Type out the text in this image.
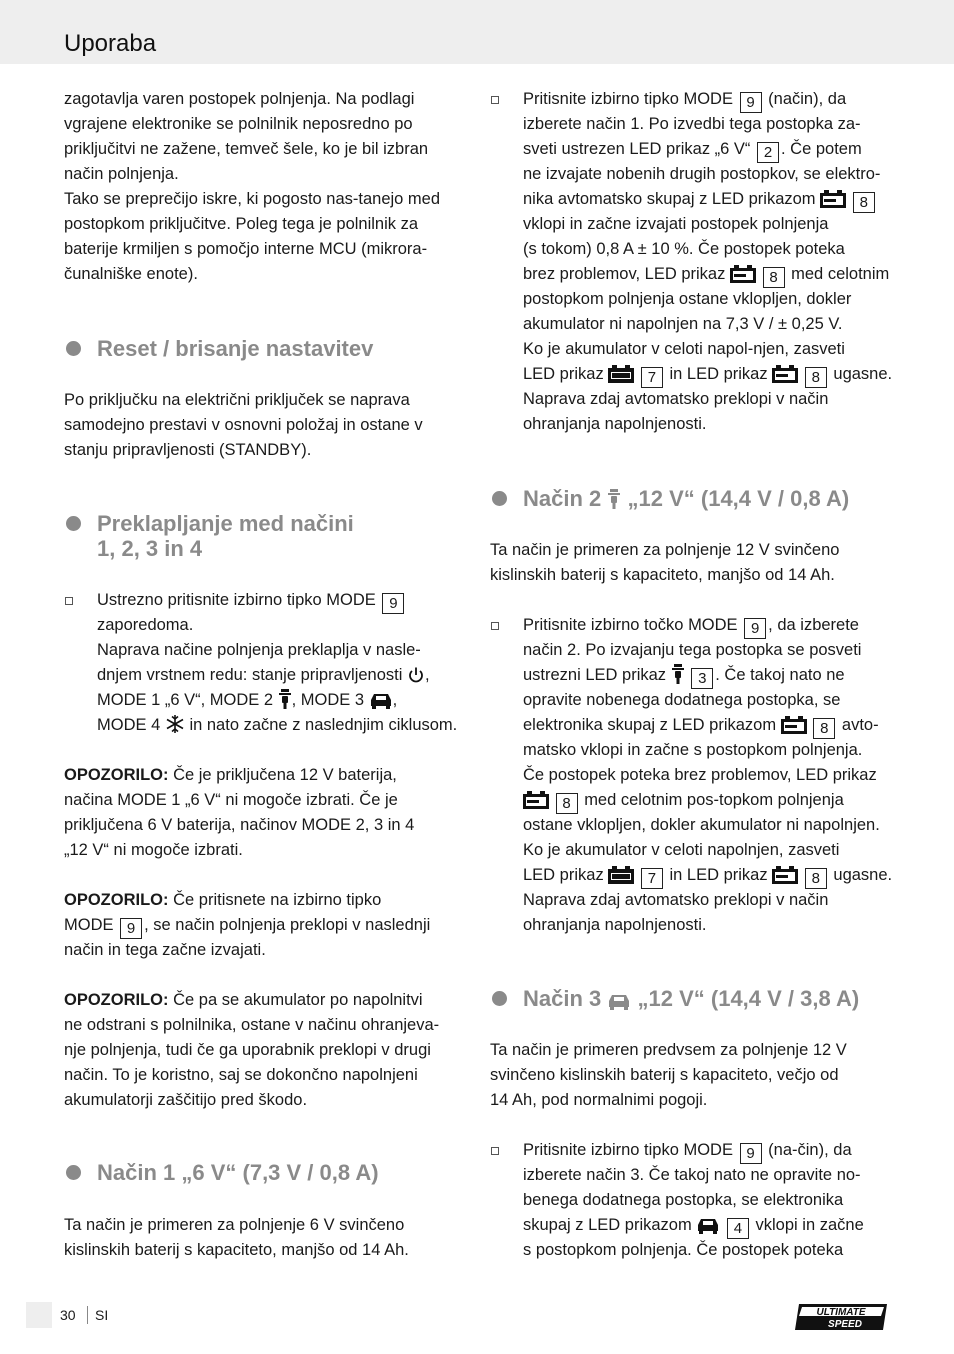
Uporaba
zagotavlja varen postopek polnjenja. Na podlagi
vgrajene elektronike se polnilnik neposredno po
priključitvi ne zažene, temveč šele, ko je bil izbran
način polnjenja.
Tako se preprečijo iskre, ki pogosto nas-tanejo med
postopkom priključitve. Poleg tega je polnilnik za
baterije krmiljen s pomočjo interne MCU (mikrora-
čunalniške enote).
Reset / brisanje nastavitev
Po priključku na električni priključek se naprava
samodejno prestavi v osnovni položaj in ostane v
stanju pripravljenosti (STANDBY).
Preklapljanje med načini
1, 2, 3 in 4
Ustrezno pritisnite izbirno tipko MODE 9
zaporedoma.
Naprava načine polnjenja preklaplja v nasle-
dnjem vrstnem redu: stanje pripravljenosti ,
MODE 1 „6 V“, MODE 2 , MODE 3 ,
MODE 4 in nato začne z naslednjim ciklusom.
OPOZORILO: Če je priključena 12 V baterija,
načina MODE 1 „6 V“ ni mogoče izbrati. Če je
priključena 6 V baterija, načinov MODE 2, 3 in 4
„12 V“ ni mogoče izbrati.
OPOZORILO: Če pritisnete na izbirno tipko
MODE 9 , se način polnjenja preklopi v naslednji
način in tega začne izvajati.
OPOZORILO: Če pa se akumulator po napolnitvi
ne odstrani s polnilnika, ostane v načinu ohranjeva-
nje polnjenja, tudi če ga uporabnik preklopi v drugi
način. To je koristno, saj se dokončno napolnjeni
akumulatorji zaščitijo pred škodo.
Način 1 „6 V“ (7,3 V / 0,8 A)
Ta način je primeren za polnjenje 6 V svinčeno
kislinskih baterij s kapaciteto, manjšo od 14 Ah.
Pritisnite izbirno tipko MODE 9 (način), da
izberete način 1. Po izvedbi tega postopka za-
sveti ustrezen LED prikaz „6 V“ 2 . Če potem
ne izvajate nobenih drugih postopkov, se elektro-
nika avtomatsko skupaj z LED prikazom	8
vklopi in začne izvajati postopek polnjenja
(s tokom) 0,8 A ± 10 %. Če postopek poteka
brez problemov, LED prikaz	8 med celotnim
postopkom polnjenja ostane vklopljen, dokler
akumulator ni napolnjen na 7,3 V / ± 0,25 V.
Ko je akumulator v celoti napol-njen, zasveti
LED prikaz	7 in LED prikaz	8 ugasne.
Naprava zdaj avtomatsko preklopi v način
ohranjanja napolnjenosti.
Način 2 „12 V“ (14,4 V / 0,8 A)
Ta način je primeren za polnjenje 12 V svinčeno
kislinskih baterij s kapaciteto, manjšo od 14 Ah.
Pritisnite izbirno točko MODE 9 , da izberete
način 2. Po izvajanju tega postopka se posveti
ustrezni LED prikaz 3 . Če takoj nato ne
opravite nobenega dodatnega postopka, se
elektronika skupaj z LED prikazom	8 avto-
matsko vklopi in začne s postopkom polnjenja.
Če postopek poteka brez problemov, LED prikaz
8 med celotnim pos-topkom polnjenja
ostane vklopljen, dokler akumulator ni napolnjen.
Ko je akumulator v celoti napolnjen, zasveti
LED prikaz	7 in LED prikaz	8 ugasne.
Naprava zdaj avtomatsko preklopi v način
ohranjanja napolnjenosti.
Način 3 „12 V“ (14,4 V / 3,8 A)
Ta način je primeren predvsem za polnjenje 12 V
svinčeno kislinskih baterij s kapaciteto, večjo od
14 Ah, pod normalnimi pogoji.
Pritisnite izbirno tipko MODE 9 (na-čin), da
izberete način 3. Če takoj nato ne opravite no-
benega dodatnega postopka, se elektronika
skupaj z LED prikazom	4 vklopi in začne
s postopkom polnjenja. Če postopek poteka
30 SI	ULTIMATE
SPEED
